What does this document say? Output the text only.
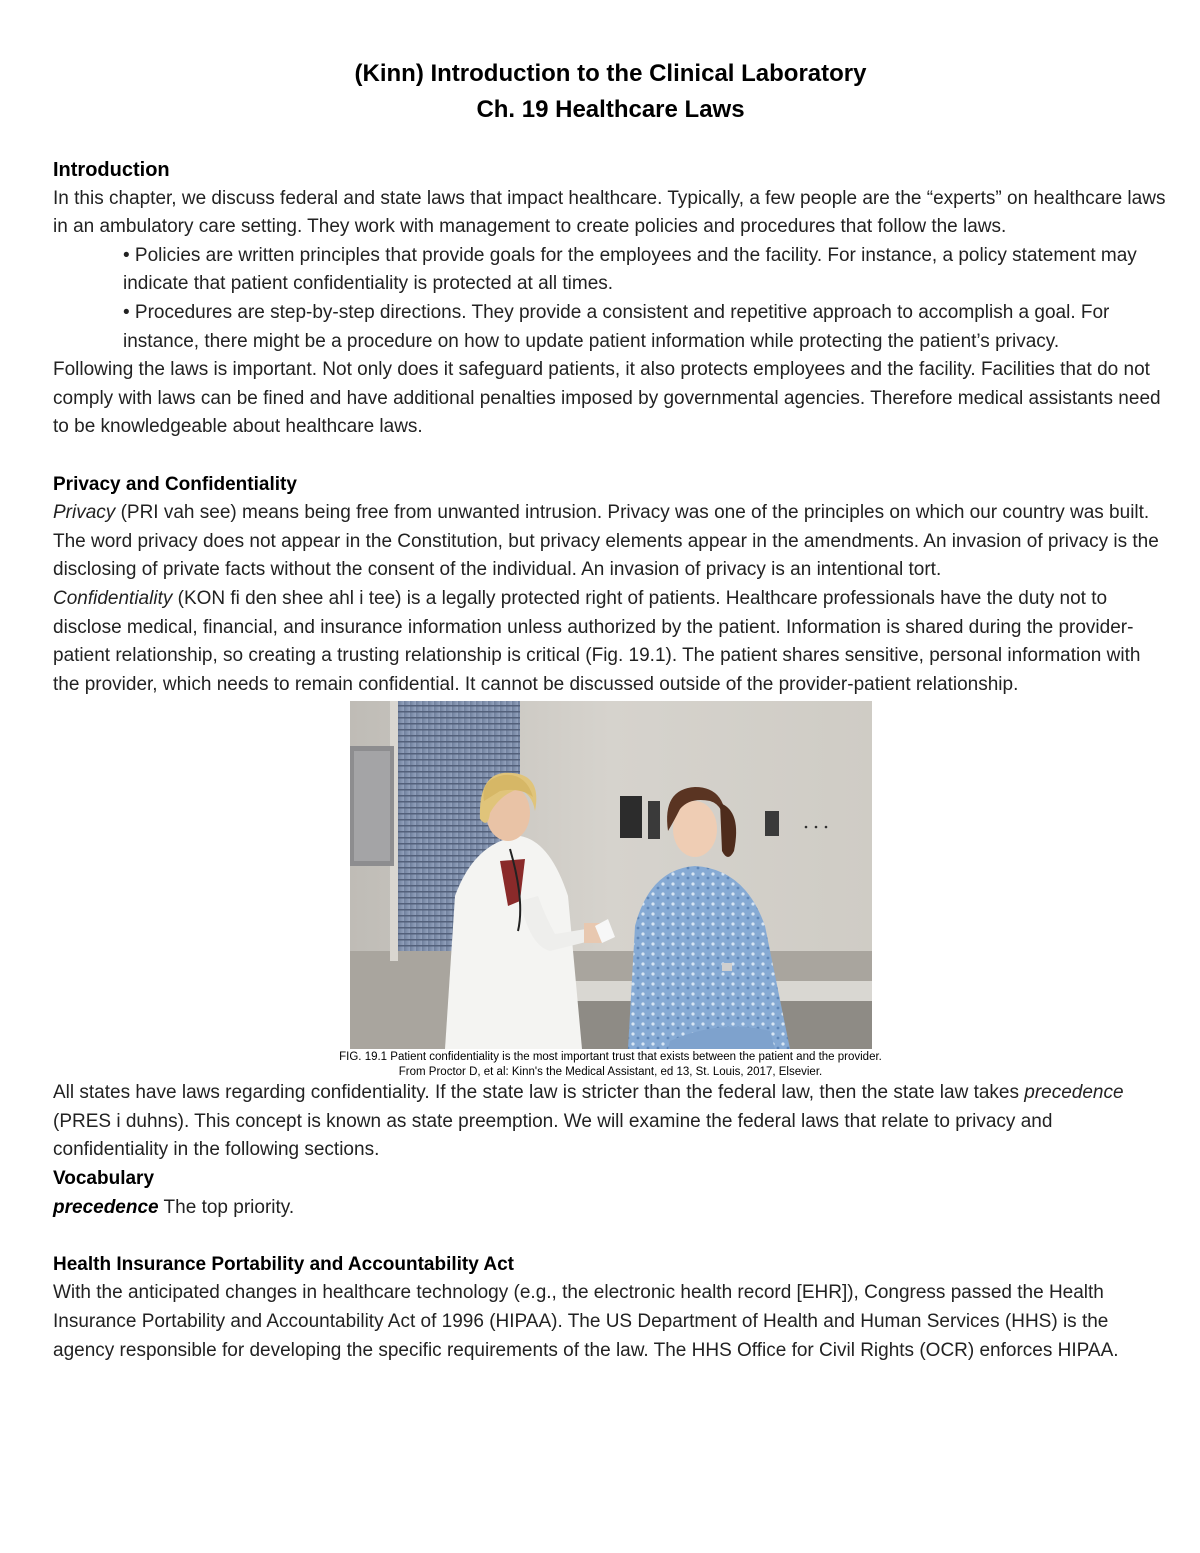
(Kinn) Introduction to the Clinical Laboratory
Ch. 19 Healthcare Laws
Introduction

In this chapter, we discuss federal and state laws that impact healthcare. Typically, a few people are the “experts” on healthcare laws in an ambulatory care setting. They work with management to create policies and procedures that follow the laws.

• Policies are written principles that provide goals for the employees and the facility. For instance, a policy statement may indicate that patient confidentiality is protected at all times.
• Procedures are step-by-step directions. They provide a consistent and repetitive approach to accomplish a goal. For instance, there might be a procedure on how to update patient information while protecting the patient’s privacy.

Following the laws is important. Not only does it safeguard patients, it also protects employees and the facility. Facilities that do not comply with laws can be fined and have additional penalties imposed by governmental agencies. Therefore medical assistants need to be knowledgeable about healthcare laws.

Privacy and Confidentiality

Privacy (PRI vah see) means being free from unwanted intrusion. Privacy was one of the principles on which our country was built. The word privacy does not appear in the Constitution, but privacy elements appear in the amendments. An invasion of privacy is the disclosing of private facts without the consent of the individual. An invasion of privacy is an intentional tort.

Confidentiality (KON fi den shee ahl i tee) is a legally protected right of patients. Healthcare professionals have the duty not to disclose medical, financial, and insurance information unless authorized by the patient. Information is shared during the provider-patient relationship, so creating a trusting relationship is critical (Fig. 19.1). The patient shares sensitive, personal information with the provider, which needs to remain confidential. It cannot be discussed outside of the provider-patient relationship.

FIG. 19.1 Patient confidentiality is the most important trust that exists between the patient and the provider.
From Proctor D, et al: Kinn's the Medical Assistant, ed 13, St. Louis, 2017, Elsevier.

All states have laws regarding confidentiality. If the state law is stricter than the federal law, then the state law takes precedence (PRES i duhns). This concept is known as state preemption. We will examine the federal laws that relate to privacy and confidentiality in the following sections.

Vocabulary

precedence The top priority.

Health Insurance Portability and Accountability Act

With the anticipated changes in healthcare technology (e.g., the electronic health record [EHR]), Congress passed the Health Insurance Portability and Accountability Act of 1996 (HIPAA). The US Department of Health and Human Services (HHS) is the agency responsible for developing the specific requirements of the law. The HHS Office for Civil Rights (OCR) enforces HIPAA.
